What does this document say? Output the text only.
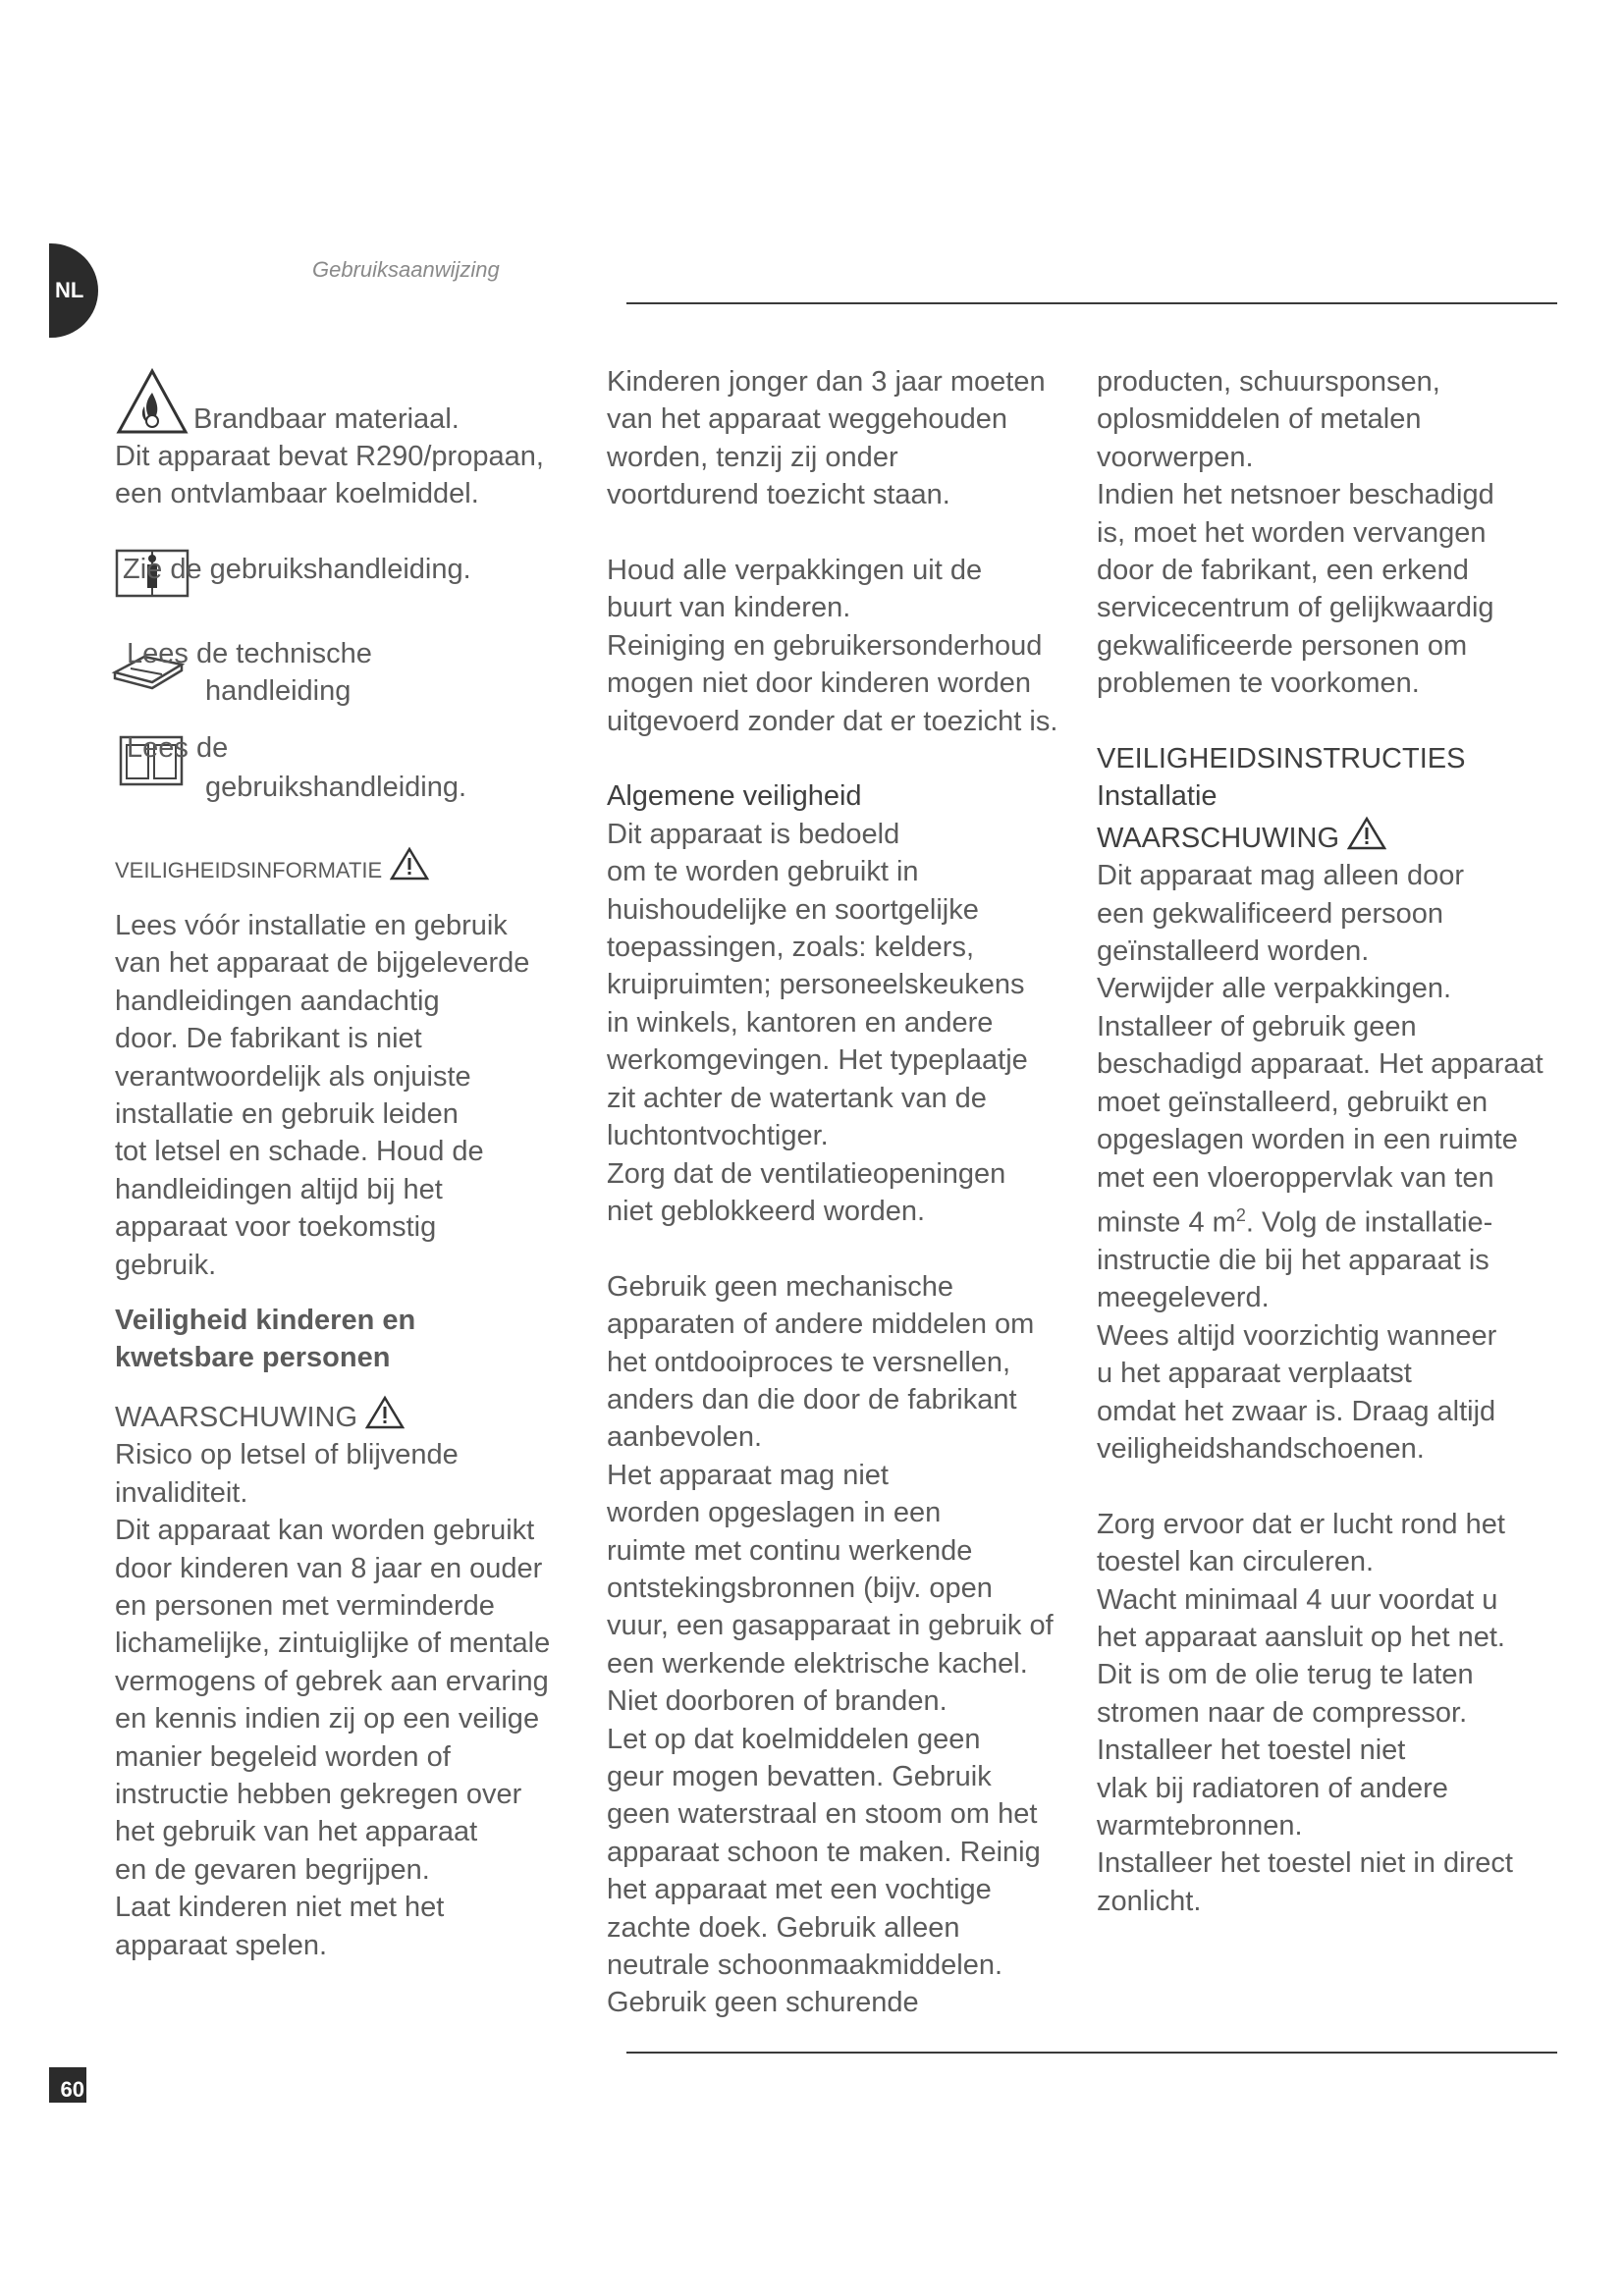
NL
Gebruiksaanwijzing
60
Brandbaar materiaal.
Dit apparaat bevat R290/propaan,
een ontvlambaar koelmiddel.
Zie de gebruikshandleiding.
Lees de technische
handleiding
Lees de
gebruikshandleiding.
VEILIGHEIDSINFORMATIE
Lees vóór installatie en gebruik
van het apparaat de bijgeleverde
handleidingen aandachtig
door. De fabrikant is niet
verantwoordelijk als onjuiste
installatie en gebruik leiden
tot letsel en schade. Houd de
handleidingen altijd bij het
apparaat voor toekomstig
gebruik.
Veiligheid kinderen en
kwetsbare personen
WAARSCHUWING
Risico op letsel of blijvende
invaliditeit.
Dit apparaat kan worden gebruikt
door kinderen van 8 jaar en ouder
en personen met verminderde
lichamelijke, zintuiglijke of mentale
vermogens of gebrek aan ervaring
en kennis indien zij op een veilige
manier begeleid worden of
instructie hebben gekregen over
het gebruik van het apparaat
en de gevaren begrijpen.
Laat kinderen niet met het
apparaat spelen.
Kinderen jonger dan 3 jaar moeten
van het apparaat weggehouden
worden, tenzij zij onder
voortdurend toezicht staan.
Houd alle verpakkingen uit de
buurt van kinderen.
Reiniging en gebruikersonderhoud
mogen niet door kinderen worden
uitgevoerd zonder dat er toezicht is.
Algemene veiligheid
Dit apparaat is bedoeld
om te worden gebruikt in
huishoudelijke en soortgelijke
toepassingen, zoals: kelders,
kruipruimten; personeelskeukens
in winkels, kantoren en andere
werkomgevingen. Het typeplaatje
zit achter de watertank van de
luchtontvochtiger.
Zorg dat de ventilatieopeningen
niet geblokkeerd worden.
Gebruik geen mechanische
apparaten of andere middelen om
het ontdooiproces te versnellen,
anders dan die door de fabrikant
aanbevolen.
Het apparaat mag niet
worden opgeslagen in een
ruimte met continu werkende
ontstekingsbronnen (bijv. open
vuur, een gasapparaat in gebruik of
een werkende elektrische kachel.
Niet doorboren of branden.
Let op dat koelmiddelen geen
geur mogen bevatten. Gebruik
geen waterstraal en stoom om het
apparaat schoon te maken. Reinig
het apparaat met een vochtige
zachte doek. Gebruik alleen
neutrale schoonmaakmiddelen.
Gebruik geen schurende
producten, schuursponsen,
oplosmiddelen of metalen
voorwerpen.
Indien het netsnoer beschadigd
is, moet het worden vervangen
door de fabrikant, een erkend
servicecentrum of gelijkwaardig
gekwalificeerde personen om
problemen te voorkomen.
VEILIGHEIDSINSTRUCTIES
Installatie
WAARSCHUWING
Dit apparaat mag alleen door
een gekwalificeerd persoon
geïnstalleerd worden.
Verwijder alle verpakkingen.
Installeer of gebruik geen
beschadigd apparaat. Het apparaat
moet geïnstalleerd, gebruikt en
opgeslagen worden in een ruimte
met een vloeroppervlak van ten
minste 4 $m^2$. Volg de installatie-
instructie die bij het apparaat is
meegeleverd.
Wees altijd voorzichtig wanneer
u het apparaat verplaatst
omdat het zwaar is. Draag altijd
veiligheidshandschoenen.
Zorg ervoor dat er lucht rond het
toestel kan circuleren.
Wacht minimaal 4 uur voordat u
het apparaat aansluit op het net.
Dit is om de olie terug te laten
stromen naar de compressor.
Installeer het toestel niet
vlak bij radiatoren of andere
warmtebronnen.
Installeer het toestel niet in direct
zonlicht.
